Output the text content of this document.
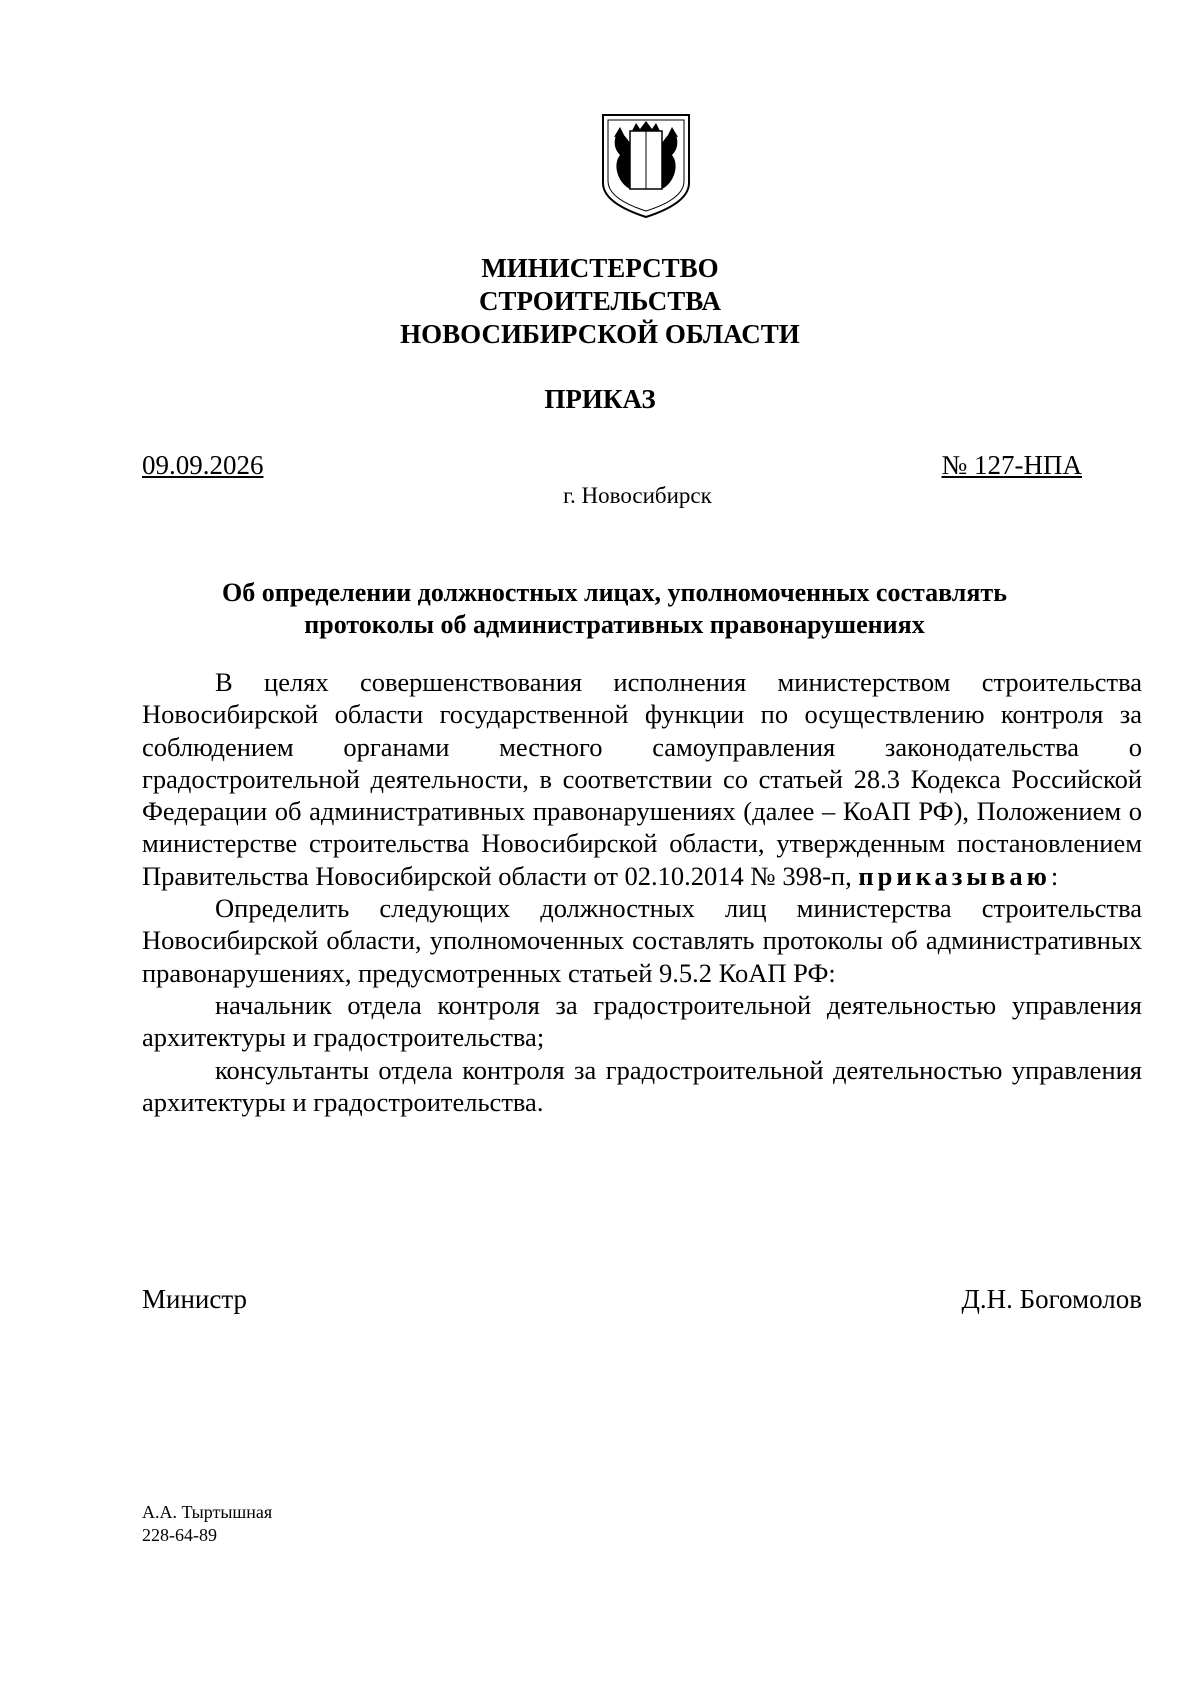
МИНИСТЕРСТВО
СТРОИТЕЛЬСТВА
НОВОСИБИРСКОЙ ОБЛАСТИ
ПРИКАЗ
09.09.2026	№ 127-НПА
г. Новосибирск
Об определении должностных лицах, уполномоченных составлять
протоколы об административных правонарушениях

В целях совершенствования исполнения министерством строительства Новосибирской области государственной функции по осуществлению контроля за соблюдением органами местного самоуправления законодательства о градостроительной деятельности, в соответствии со статьей 28.3 Кодекса Российской Федерации об административных правонарушениях (далее – КоАП РФ), Положением о министерстве строительства Новосибирской области, утвержденным постановлением Правительства Новосибирской области от 02.10.2014 № 398-п, приказываю:

Определить следующих должностных лиц министерства строительства Новосибирской области, уполномоченных составлять протоколы об административных правонарушениях, предусмотренных статьей 9.5.2 КоАП РФ:

начальник отдела контроля за градостроительной деятельностью управления архитектуры и градостроительства;

консультанты отдела контроля за градостроительной деятельностью управления архитектуры и градостроительства.

Министр	Д.Н. Богомолов
А.А. Тыртышная
228-64-89
